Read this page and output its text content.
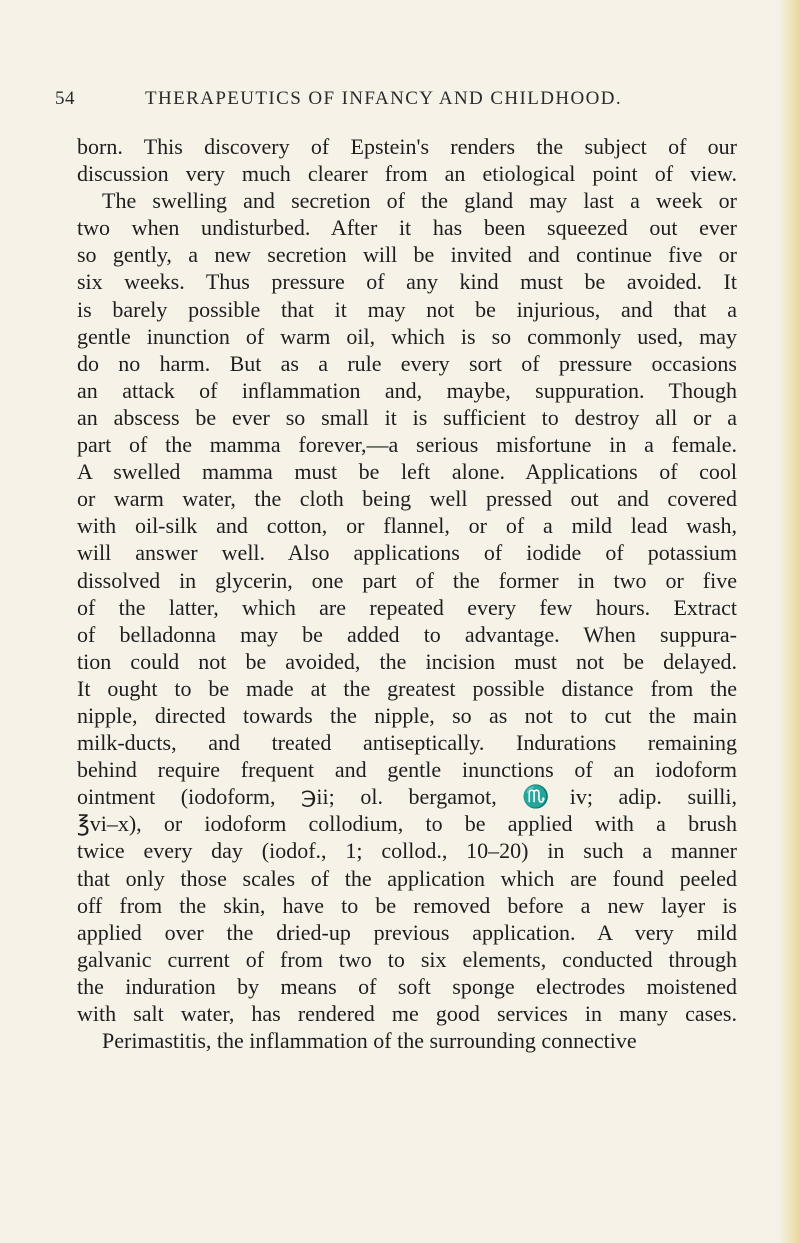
54	THERAPEUTICS OF INFANCY AND CHILDHOOD.
born. This discovery of Epstein's renders the subject of our
discussion very much clearer from an etiological point of view.
The swelling and secretion of the gland may last a week or
two when undisturbed. After it has been squeezed out ever
so gently, a new secretion will be invited and continue five or
six weeks. Thus pressure of any kind must be avoided. It
is barely possible that it may not be injurious, and that a
gentle inunction of warm oil, which is so commonly used, may
do no harm. But as a rule every sort of pressure occasions
an attack of inflammation and, maybe, suppuration. Though
an abscess be ever so small it is sufficient to destroy all or a
part of the mamma forever,—a serious misfortune in a female.
A swelled mamma must be left alone. Applications of cool
or warm water, the cloth being well pressed out and covered
with oil-silk and cotton, or flannel, or of a mild lead wash,
will answer well. Also applications of iodide of potassium
dissolved in glycerin, one part of the former in two or five
of the latter, which are repeated every few hours. Extract
of belladonna may be added to advantage. When suppura-
tion could not be avoided, the incision must not be delayed.
It ought to be made at the greatest possible distance from the
nipple, directed towards the nipple, so as not to cut the main
milk-ducts, and treated antiseptically. Indurations remaining
behind require frequent and gentle inunctions of an iodoform
ointment (iodoform, ℈ii; ol. bergamot, ♏iv; adip. suilli,
℥vi–x), or iodoform collodium, to be applied with a brush
twice every day (iodof., 1; collod., 10–20) in such a manner
that only those scales of the application which are found peeled
off from the skin, have to be removed before a new layer is
applied over the dried-up previous application. A very mild
galvanic current of from two to six elements, conducted through
the induration by means of soft sponge electrodes moistened
with salt water, has rendered me good services in many cases.
Perimastitis, the inflammation of the surrounding connective
